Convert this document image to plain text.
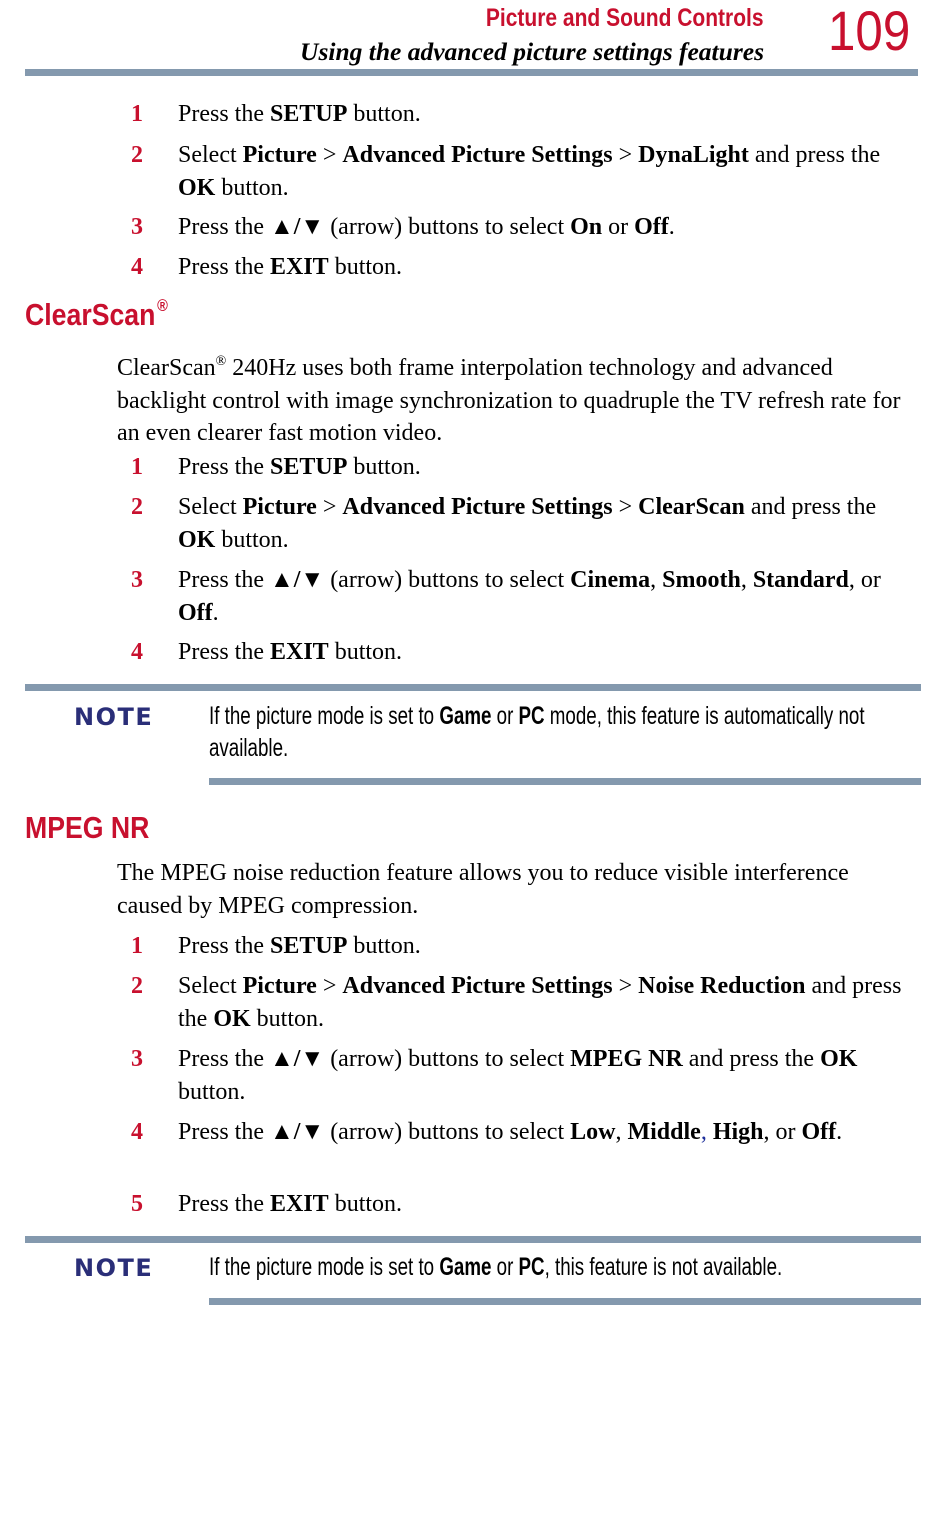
Picture and Sound Controls
Using the advanced picture settings features 109
1 Press the SETUP button.
2 Select Picture > Advanced Picture Settings > DynaLight and press the OK button.
3 Press the ▲/▼ (arrow) buttons to select On or Off.
4 Press the EXIT button.
ClearScan ®
ClearScan® 240Hz uses both frame interpolation technology and advanced backlight control with image synchronization to quadruple the TV refresh rate for an even clearer fast motion video.
1 Press the SETUP button.
2 Select Picture > Advanced Picture Settings > ClearScan and press the OK button.
3 Press the ▲/▼ (arrow) buttons to select Cinema, Smooth, Standard, or Off.
4 Press the EXIT button.
NOTE If the picture mode is set to Game or PC mode, this feature is automatically not available.
MPEG NR
The MPEG noise reduction feature allows you to reduce visible interference caused by MPEG compression.
1 Press the SETUP button.
2 Select Picture > Advanced Picture Settings > Noise Reduction and press the OK button.
3 Press the ▲/▼ (arrow) buttons to select MPEG NR and press the OK button.
4 Press the ▲/▼ (arrow) buttons to select Low, Middle, High, or Off.
5 Press the EXIT button.
NOTE If the picture mode is set to Game or PC, this feature is not available.
